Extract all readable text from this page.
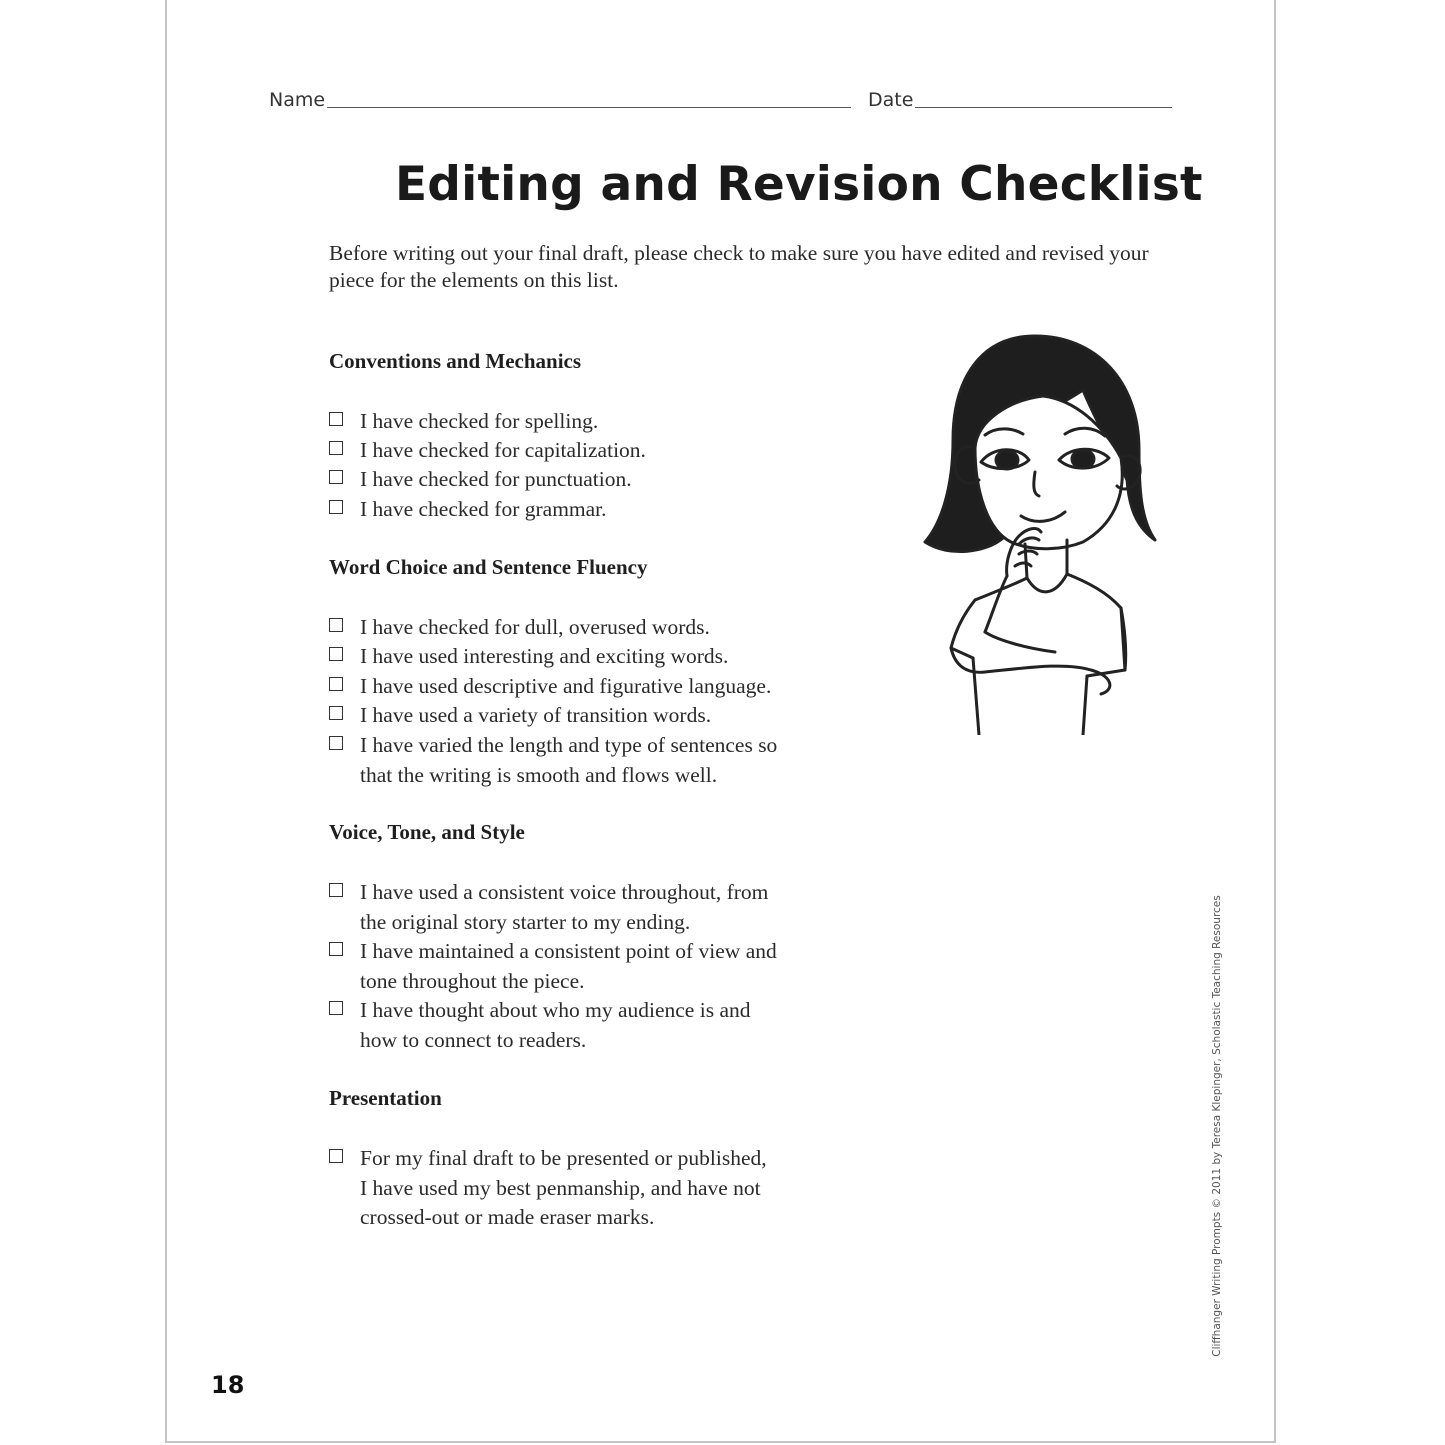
Name	Date
Editing and Revision Checklist

Before writing out your final draft, please check to make sure you have edited and revised your piece for the elements on this list.

Conventions and Mechanics
I have checked for spelling.
I have checked for capitalization.
I have checked for punctuation.
I have checked for grammar.
Word Choice and Sentence Fluency
I have checked for dull, overused words.
I have used interesting and exciting words.
I have used descriptive and figurative language.
I have used a variety of transition words.
I have varied the length and type of sentences so
that the writing is smooth and flows well.
Voice, Tone, and Style
I have used a consistent voice throughout, from
the original story starter to my ending.
I have maintained a consistent point of view and
tone throughout the piece.
I have thought about who my audience is and
how to connect to readers.
Presentation
For my final draft to be presented or published,
I have used my best penmanship, and have not
crossed-out or made eraser marks.	Cliffhanger Writing Prompts © 2011 by Teresa Klepinger, Scholastic Teaching Resources
18
